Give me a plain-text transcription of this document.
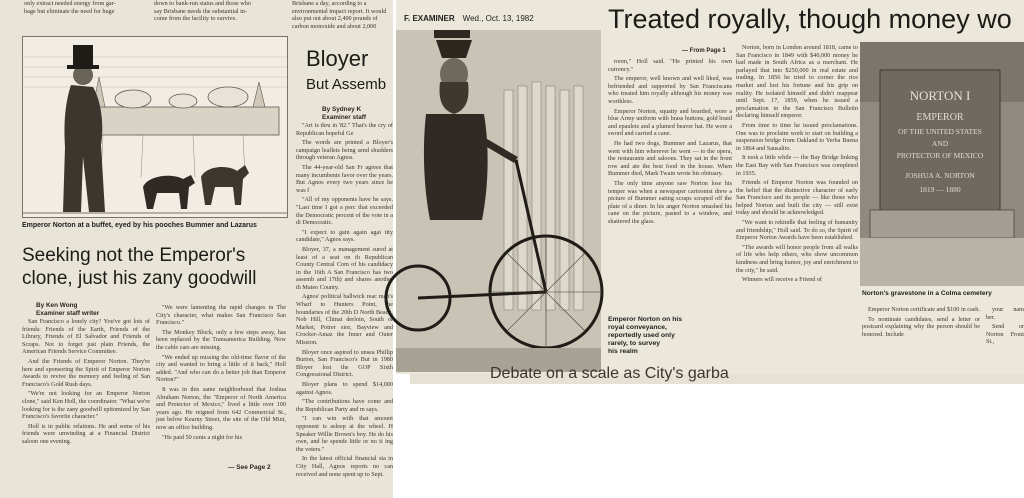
only extract needed energy from gar-
bage but eliminate the need for huge
down to bank-run status and those who
say Brisbane needs the substantial in-
come from the facility to survive.
Brisbane a day, according to a
environmental impact report. It would
also put out about 2,400 pounds of
carbon monoxide and about 2,000
Emperor Norton at a buffet, eyed by his pooches Bummer and Lazarus
Seeking not the Emperor's clone, just his zany goodwill
By Ken Wong
Examiner staff writer

San Francisco a lonely city? You've got lots of friends: Friends of the Earth, Friends of the Library, Friends of El Salvador and Friends of Scraps. Not to forget just plain Friends, the American Friends Service Committee.

And the Friends of Emperor Norton. They're here and sponsoring the Spirit of Emperor Norton Awards to revive the memory and feeling of San Francisco's Gold Rush days.

"We're not looking for an Emperor Norton clone," said Ken Holl, the coordinator. "What we're looking for is the zany goodwill epitomized by San Francisco's favorite character."

Holl is in public relations. He and some of his friends were unwinding at a Financial District saloon one evening.

"We were lamenting the rapid changes in The City's character, what makes San Francisco San Francisco."

The Monkey Block, only a few steps away, has been replaced by the Transamerica Building. Now the cable cars are missing.

"We ended up missing the old-time flavor of the city and wanted to bring a little of it back," Holl added. "And who can do a better job than Emperor Norton?"

It was in this same neighborhood that Joshua Abraham Norton, the "Emperor of North America and Protector of Mexico," lived a little over 100 years ago. He reigned from 642 Commercial St., just below Kearny Street, the site of the Old Mint, now an office building.

"He paid 50 cents a night for his

— See Page 2
Bloyer
But Assemb
By Sydney K
Examiner staff

"Art is thru in '82." That's the cry of Republican hopeful Ge

The words are printed a Bloyer's campaign leaflets being send shudders through veteran Agnos.

The 44-year-old San Fr agrees that many incumbents favor over the years. But Agnos every two years since he was f

"All of my opponents have he says. "Last time I got a perc that exceeded the Democratic percent of the vote in a di Democratic.

"I expect to gain again agai tity candidate," Agnos says.

Bloyer, 37, a management sured at least of a seat on th Republican County Central Com of his candidacy in the 16th A San Francisco has two assemb and 17th) and shares another th Mateo County.

Agnos' political ballwick reac man's Wharf to Hunters Point, the boundaries of the 20th D North Beach, Nob Hill, Chinat derloin, South of Market, Potrer sior, Bayview and Crocker-Amaz the Inner and Outer Mission.

Bloyer once aspired to unsea Phillip Burton, San Francisco's But in 1980 Bloyer lost the GOP Sixth Congressional District.

Bloyer plans to spend $14,000 against Agnos.

"The contributions have come and the Republican Party and m says.

"I can win with that amount opponent is asleep at the wheel. H Speaker Willie Brown's boy. He do his own, and he spends little or no ti ing the voters."

In the latest official financial sta in City Hall, Agnos reports no can received and none spent up to Sept.

F. EXAMINER Wed., Oct. 13, 1982	Treated royally, though money wo
Emperor Norton on his
royal conveyance,
reportedly used only
rarely, to survey
his realm
— From Page 1

room," Holl said. "He printed his own currency."

The emperor, well known and well liked, was befriended and supported by San Franciscans who treated him royally although his money was worthless.

Emperor Norton, squatty and bearded, wore a blue Army uniform with brass buttons, gold braid and epaulets and a plumed beaver hat. He wore a sword and carried a cane.

He had two dogs, Bummer and Lazarus, that went with him wherever he went — to the opera, the restaurants and saloons. They sat in the front row and ate the best food in the house. When Bummer died, Mark Twain wrote his obituary.

The only time anyone saw Norton lose his temper was when a newspaper cartoonist drew a picture of Bummer eating scraps scraped off the plate of a diner. In his anger Norton smashed his cane on the picture, pasted to a window, and shattered the glass.

Norton, born in London around 1818, came to San Francisco in 1849 with $40,000 money he had made in South Africa as a merchant. He parlayed that into $250,000 in real estate and trading. In 1856 he tried to corner the rice market and lost his fortune and his grip on reality. He isolated himself and didn't reappear until Sept. 17, 1859, when he issued a proclamation in the San Francisco Bulletin declaring himself emperor.

From time to time he issued proclamations. One was to proclaim work to start on building a suspension bridge from Oakland to Yerba Buena in 1864 and Sausalito.

It took a little while — the Bay Bridge linking the East Bay with San Francisco was completed in 1935.

Friends of Emperor Norton was founded on the belief that the distinctive character of early San Francisco and its people — like those who helped Norton and built the city — still exist today and should be acknowledged.

"We want to rekindle that feeling of humanity and friendship," Holl said. To do so, the Spirit of Emperor Norton Awards have been established.

"The awards will honor people from all walks of life who help others, who show uncommon kindness and bring humor, joy and enrichment to the city," he said.

Winners will receive a Friend of

NORTON I
EMPEROR
OF THE UNITED STATES
AND
PROTECTOR OF MEXICO
JOSHUA A. NORTON
1819 — 1880
Norton's gravestone in a Colma cemetery

Emperor Norton certificate and $100 in cash.

To nominate candidates, send a letter or postcard explaining why the person should be honored. Include

your nam ber.

Send or Norton Front St.,

Debate on a scale as City's garba
